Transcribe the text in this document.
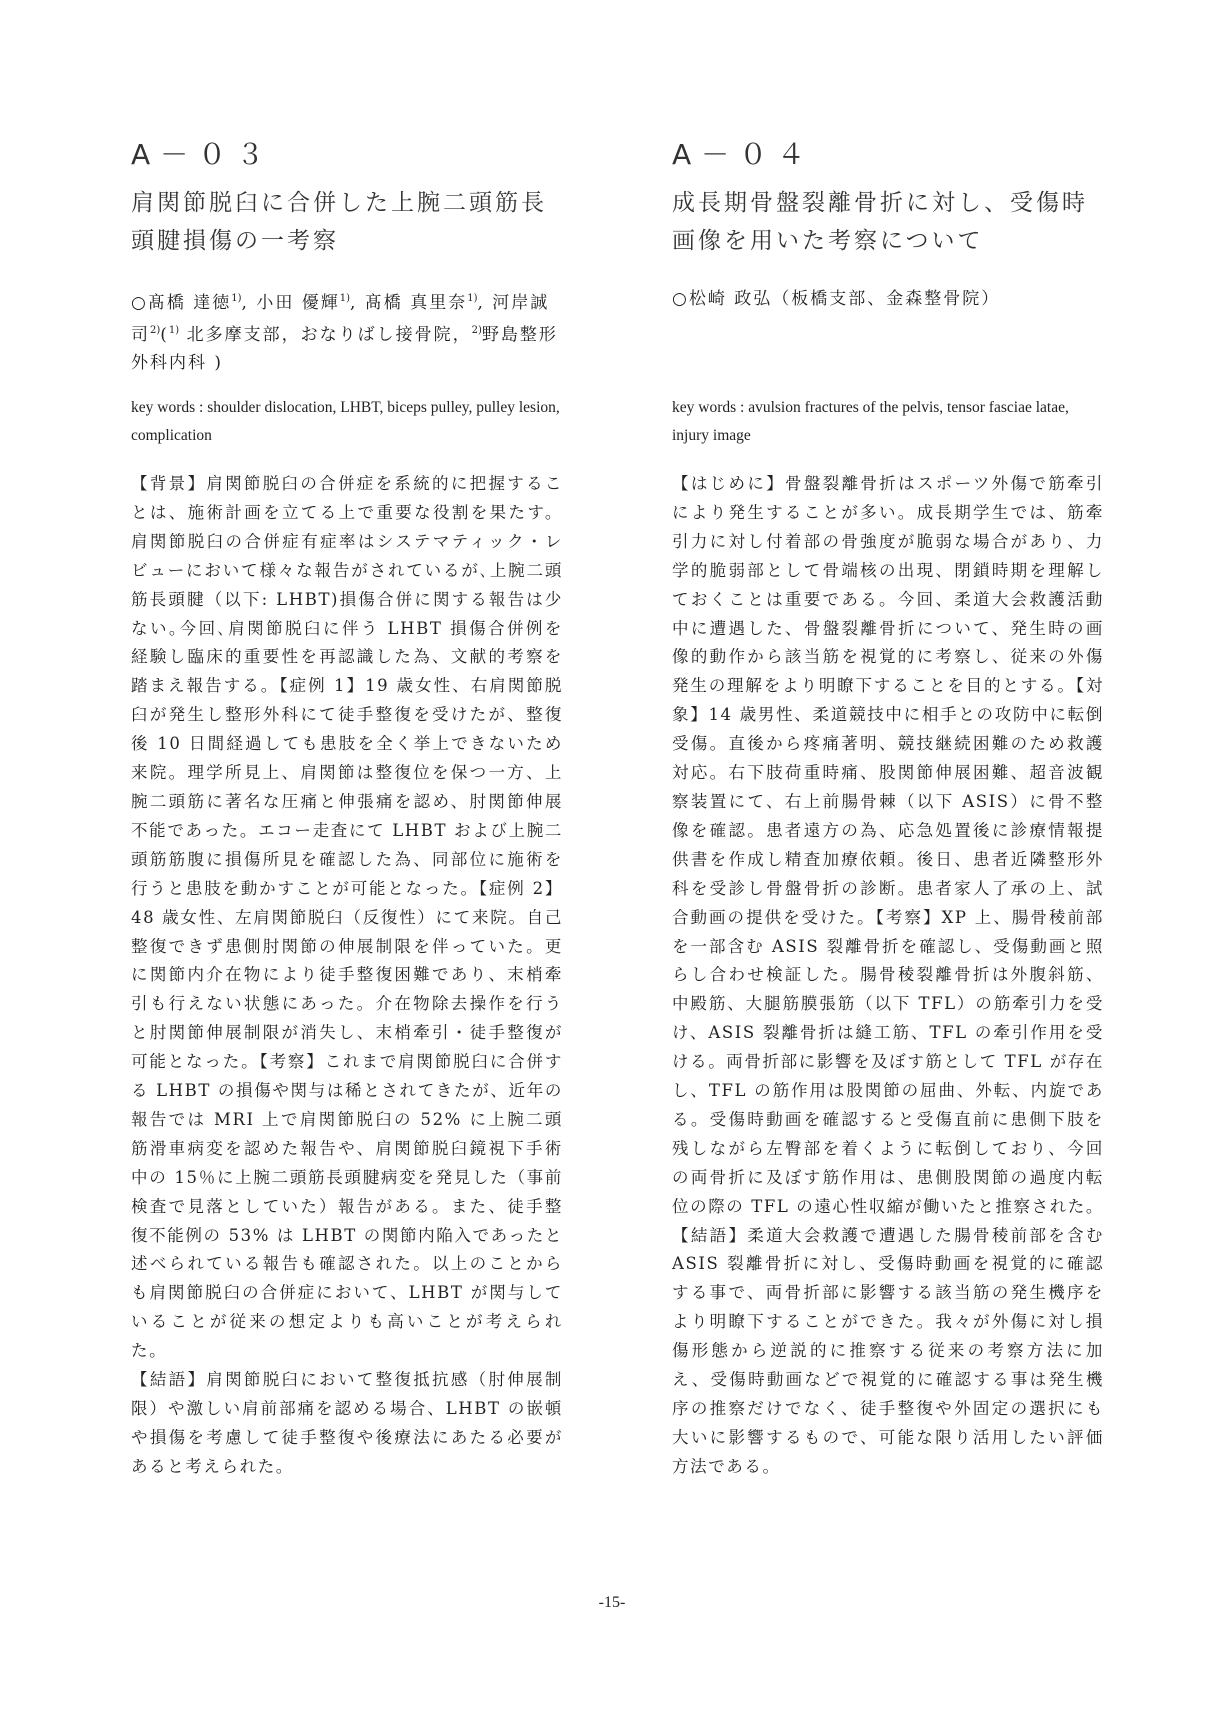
A－０３
肩関節脱臼に合併した上腕二頭筋長頭腱損傷の一考察

○髙橋 達徳$^{1)}$, 小田 優輝$^{1)}$, 髙橋 真里奈$^{1)}$, 河岸誠司$^{2)}$($^{1)}$ 北多摩支部，おなりばし接骨院，$^{2)}$野島整形外科内科 )

key words : shoulder dislocation, LHBT, biceps pulley, pulley lesion, complication

【背景】肩関節脱臼の合併症を系統的に把握することは、施術計画を立てる上で重要な役割を果たす。肩関節脱臼の合併症有症率はシステマティック・レビューにおいて様々な報告がされているが､上腕二頭筋長頭腱（以下: LHBT)損傷合併に関する報告は少ない｡今回､肩関節脱臼に伴う LHBT 損傷合併例を経験し臨床的重要性を再認識した為、文献的考察を踏まえ報告する。【症例 1】19 歳女性、右肩関節脱臼が発生し整形外科にて徒手整復を受けたが、整復後 10 日間経過しても患肢を全く挙上できないため来院。理学所見上、肩関節は整復位を保つ一方、上腕二頭筋に著名な圧痛と伸張痛を認め、肘関節伸展不能であった。エコー走査にて LHBT および上腕二頭筋筋腹に損傷所見を確認した為、同部位に施術を行うと患肢を動かすことが可能となった。【症例 2】48 歳女性、左肩関節脱臼（反復性）にて来院。自己整復できず患側肘関節の伸展制限を伴っていた。更に関節内介在物により徒手整復困難であり、末梢牽引も行えない状態にあった。介在物除去操作を行うと肘関節伸展制限が消失し、末梢牽引・徒手整復が可能となった。【考察】これまで肩関節脱臼に合併する LHBT の損傷や関与は稀とされてきたが、近年の報告では MRI 上で肩関節脱臼の 52% に上腕二頭筋滑車病変を認めた報告や、肩関節脱臼鏡視下手術中の 15％に上腕二頭筋長頭腱病変を発見した（事前検査で見落としていた）報告がある。また、徒手整復不能例の 53% は LHBT の関節内陥入であったと述べられている報告も確認された。以上のことからも肩関節脱臼の合併症において、LHBT が関与していることが従来の想定よりも高いことが考えられた。

【結語】肩関節脱臼において整復抵抗感（肘伸展制限）や激しい肩前部痛を認める場合、LHBT の嵌頓や損傷を考慮して徒手整復や後療法にあたる必要があると考えられた。

A－０４
成長期骨盤裂離骨折に対し、受傷時画像を用いた考察について

○松崎 政弘（板橋支部、金森整骨院）

key words : avulsion fractures of the pelvis, tensor fasciae latae, injury image

【はじめに】骨盤裂離骨折はスポーツ外傷で筋牽引により発生することが多い。成長期学生では、筋牽引力に対し付着部の骨強度が脆弱な場合があり、力学的脆弱部として骨端核の出現、閉鎖時期を理解しておくことは重要である。今回、柔道大会救護活動中に遭遇した、骨盤裂離骨折について、発生時の画像的動作から該当筋を視覚的に考察し、従来の外傷発生の理解をより明瞭下することを目的とする。【対象】14 歳男性、柔道競技中に相手との攻防中に転倒受傷。直後から疼痛著明、競技継続困難のため救護対応。右下肢荷重時痛、股関節伸展困難、超音波観察装置にて、右上前腸骨棘（以下 ASIS）に骨不整像を確認。患者遠方の為、応急処置後に診療情報提供書を作成し精査加療依頼。後日、患者近隣整形外科を受診し骨盤骨折の診断。患者家人了承の上、試合動画の提供を受けた。【考察】XP 上、腸骨稜前部を一部含む ASIS 裂離骨折を確認し、受傷動画と照らし合わせ検証した。腸骨稜裂離骨折は外腹斜筋、中殿筋、大腿筋膜張筋（以下 TFL）の筋牽引力を受け、ASIS 裂離骨折は縫工筋、TFL の牽引作用を受ける。両骨折部に影響を及ぼす筋として TFL が存在し、TFL の筋作用は股関節の屈曲、外転、内旋である。受傷時動画を確認すると受傷直前に患側下肢を残しながら左臀部を着くように転倒しており、今回の両骨折に及ぼす筋作用は、患側股関節の過度内転位の際の TFL の遠心性収縮が働いたと推察された。【結語】柔道大会救護で遭遇した腸骨稜前部を含む ASIS 裂離骨折に対し、受傷時動画を視覚的に確認する事で、両骨折部に影響する該当筋の発生機序をより明瞭下することができた。我々が外傷に対し損傷形態から逆説的に推察する従来の考察方法に加え、受傷時動画などで視覚的に確認する事は発生機序の推察だけでなく、徒手整復や外固定の選択にも大いに影響するもので、可能な限り活用したい評価方法である。

-15-
